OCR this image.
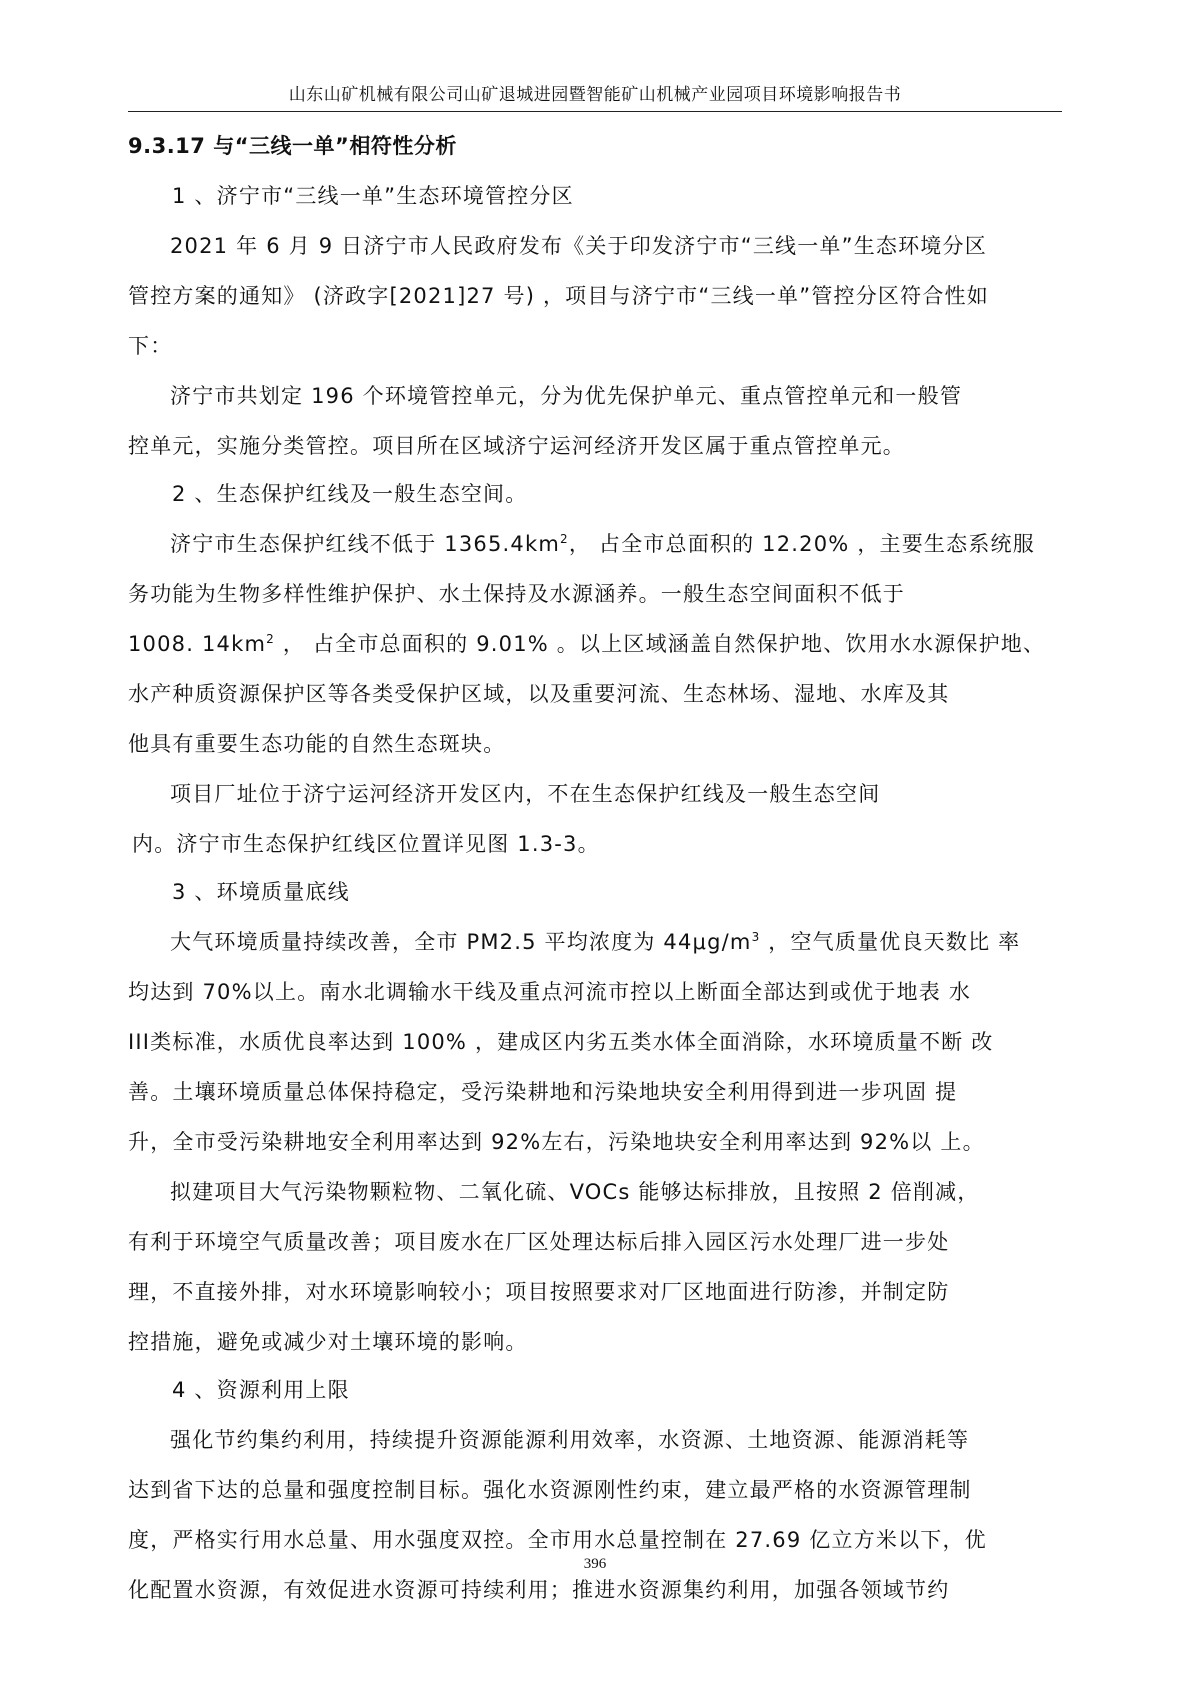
山东山矿机械有限公司山矿退城进园暨智能矿山机械产业园项目环境影响报告书

9.3.17 与“三线一单”相符性分析

1 、济宁市“三线一单”生态环境管控分区

2021 年 6 月 9 日济宁市人民政府发布《关于印发济宁市“三线一单”生态环境分区

管控方案的通知》 (济政字[2021]27 号) ，项目与济宁市“三线一单”管控分区符合性如

下：

济宁市共划定 196 个环境管控单元，分为优先保护单元、重点管控单元和一般管

控单元，实施分类管控。项目所在区域济宁运河经济开发区属于重点管控单元。

2 、生态保护红线及一般生态空间。

济宁市生态保护红线不低于 $1365.4km^2$， 占全市总面积的 12.20% ，主要生态系统服

务功能为生物多样性维护保护、水土保持及水源涵养。一般生态空间面积不低于

1008. $14km^2$ ， 占全市总面积的 9.01% 。以上区域涵盖自然保护地、饮用水水源保护地、

水产种质资源保护区等各类受保护区域，以及重要河流、生态林场、湿地、水库及其

他具有重要生态功能的自然生态斑块。

项目厂址位于济宁运河经济开发区内，不在生态保护红线及一般生态空间

内。济宁市生态保护红线区位置详见图 1.3-3。

3 、环境质量底线

大气环境质量持续改善，全市 PM2.5 平均浓度为 $44\mu g/m^3$ ，空气质量优良天数比 率

均达到 70%以上。南水北调输水干线及重点河流市控以上断面全部达到或优于地表 水

III类标准，水质优良率达到 100% ，建成区内劣五类水体全面消除，水环境质量不断 改

善。土壤环境质量总体保持稳定，受污染耕地和污染地块安全利用得到进一步巩固 提

升，全市受污染耕地安全利用率达到 92%左右，污染地块安全利用率达到 92%以 上。

拟建项目大气污染物颗粒物、二氧化硫、VOCs 能够达标排放，且按照 2 倍削减，

有利于环境空气质量改善；项目废水在厂区处理达标后排入园区污水处理厂进一步处

理，不直接外排，对水环境影响较小；项目按照要求对厂区地面进行防渗，并制定防

控措施，避免或减少对土壤环境的影响。

4 、资源利用上限

强化节约集约利用，持续提升资源能源利用效率，水资源、土地资源、能源消耗等

达到省下达的总量和强度控制目标。强化水资源刚性约束，建立最严格的水资源管理制

度，严格实行用水总量、用水强度双控。全市用水总量控制在 27.69 亿立方米以下，优

化配置水资源，有效促进水资源可持续利用；推进水资源集约利用，加强各领域节约

396
